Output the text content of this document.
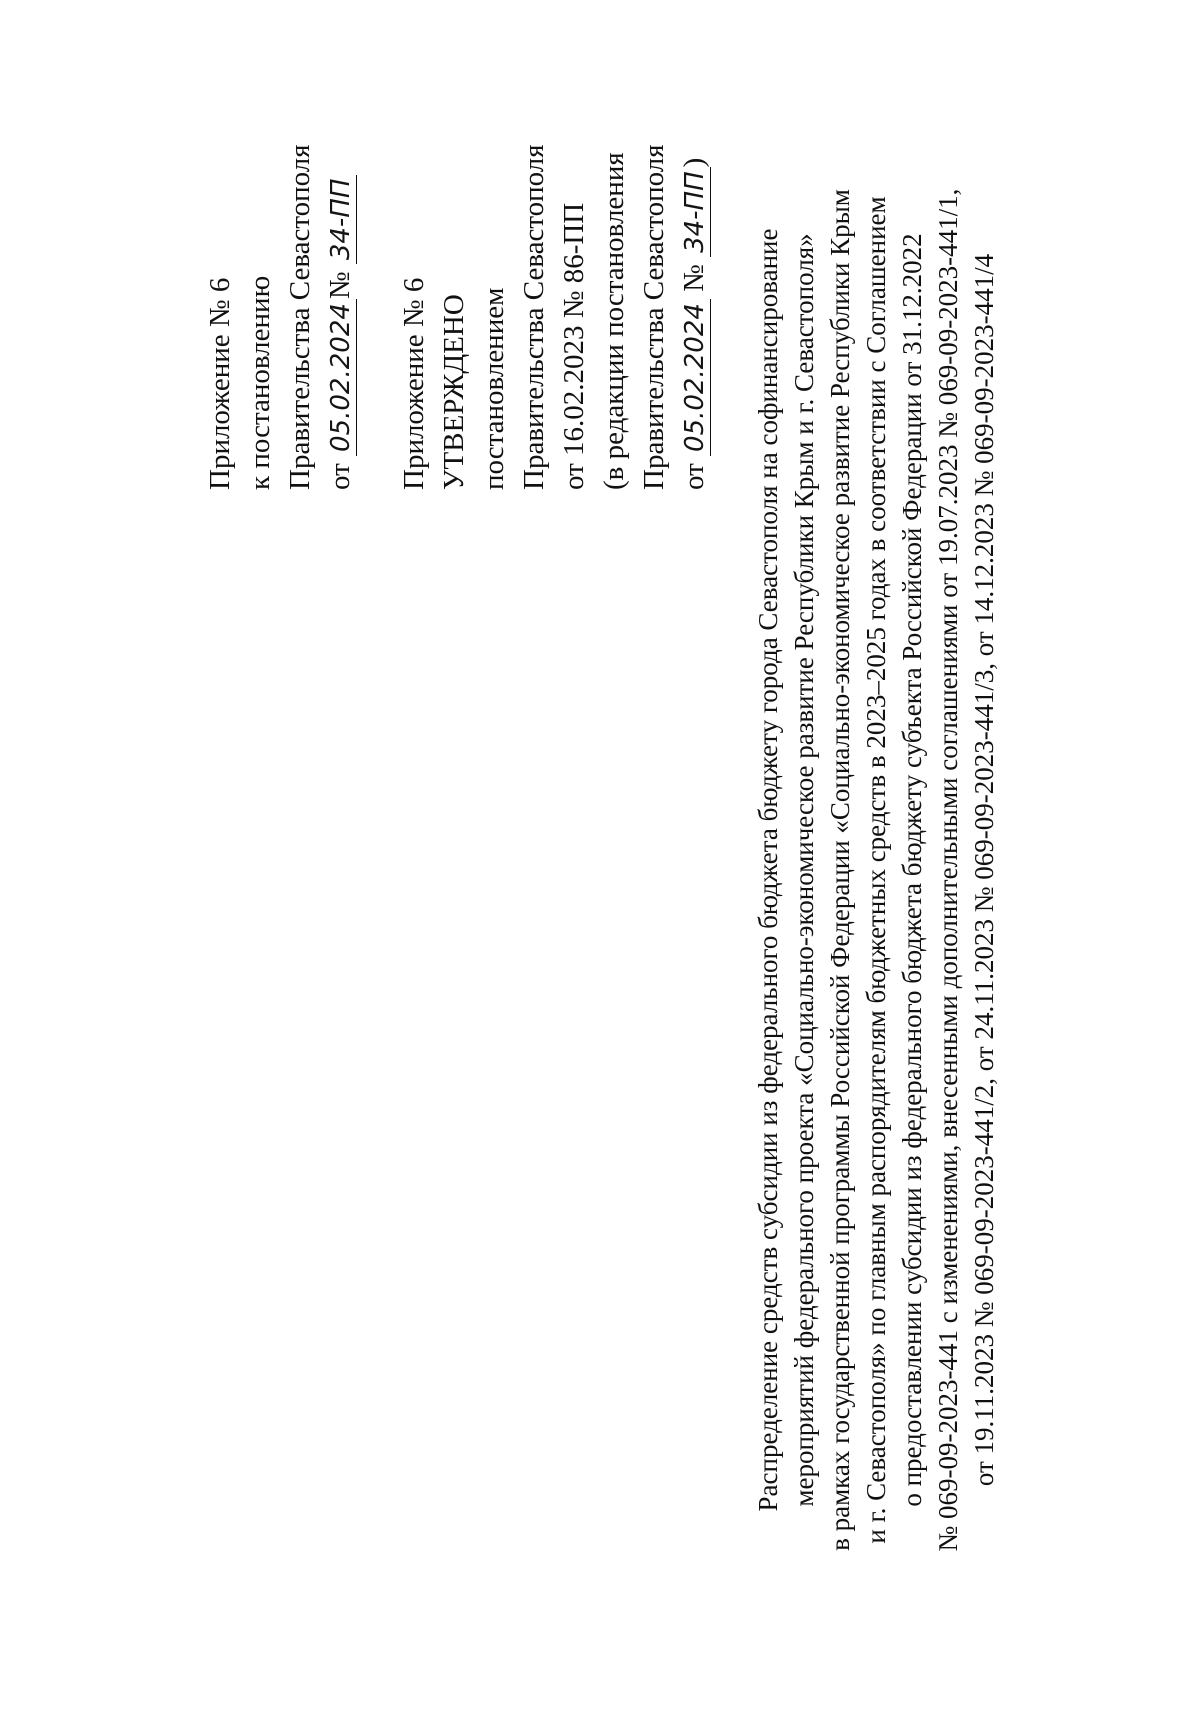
Приложение № 6 к постановлению Правительства Севастополя от 05.02.2024№ 34-ПП
Приложение № 6 УТВЕРЖДЕНО постановлением Правительства Севастополя от 16.02.2023 № 86-ПП (в редакции постановления Правительства Севастополя от 05.02.2024 № 34-ПП)
Распределение средств субсидии из федерального бюджета бюджету города Севастополя на софинансирование мероприятий федерального проекта «Социально-экономическое развитие Республики Крым и г. Севастополя» в рамках государственной программы Российской Федерации «Социально-экономическое развитие Республики Крым и г. Севастополя» по главным распорядителям бюджетных средств в 2023–2025 годах в соответствии с Соглашением о предоставлении субсидии из федерального бюджета бюджету субъекта Российской Федерации от 31.12.2022 № 069-09-2023-441 с изменениями, внесенными дополнительными соглашениями от 19.07.2023 № 069-09-2023-441/1, от 19.11.2023 № 069-09-2023-441/2, от 24.11.2023 № 069-09-2023-441/3, от 14.12.2023 № 069-09-2023-441/4
